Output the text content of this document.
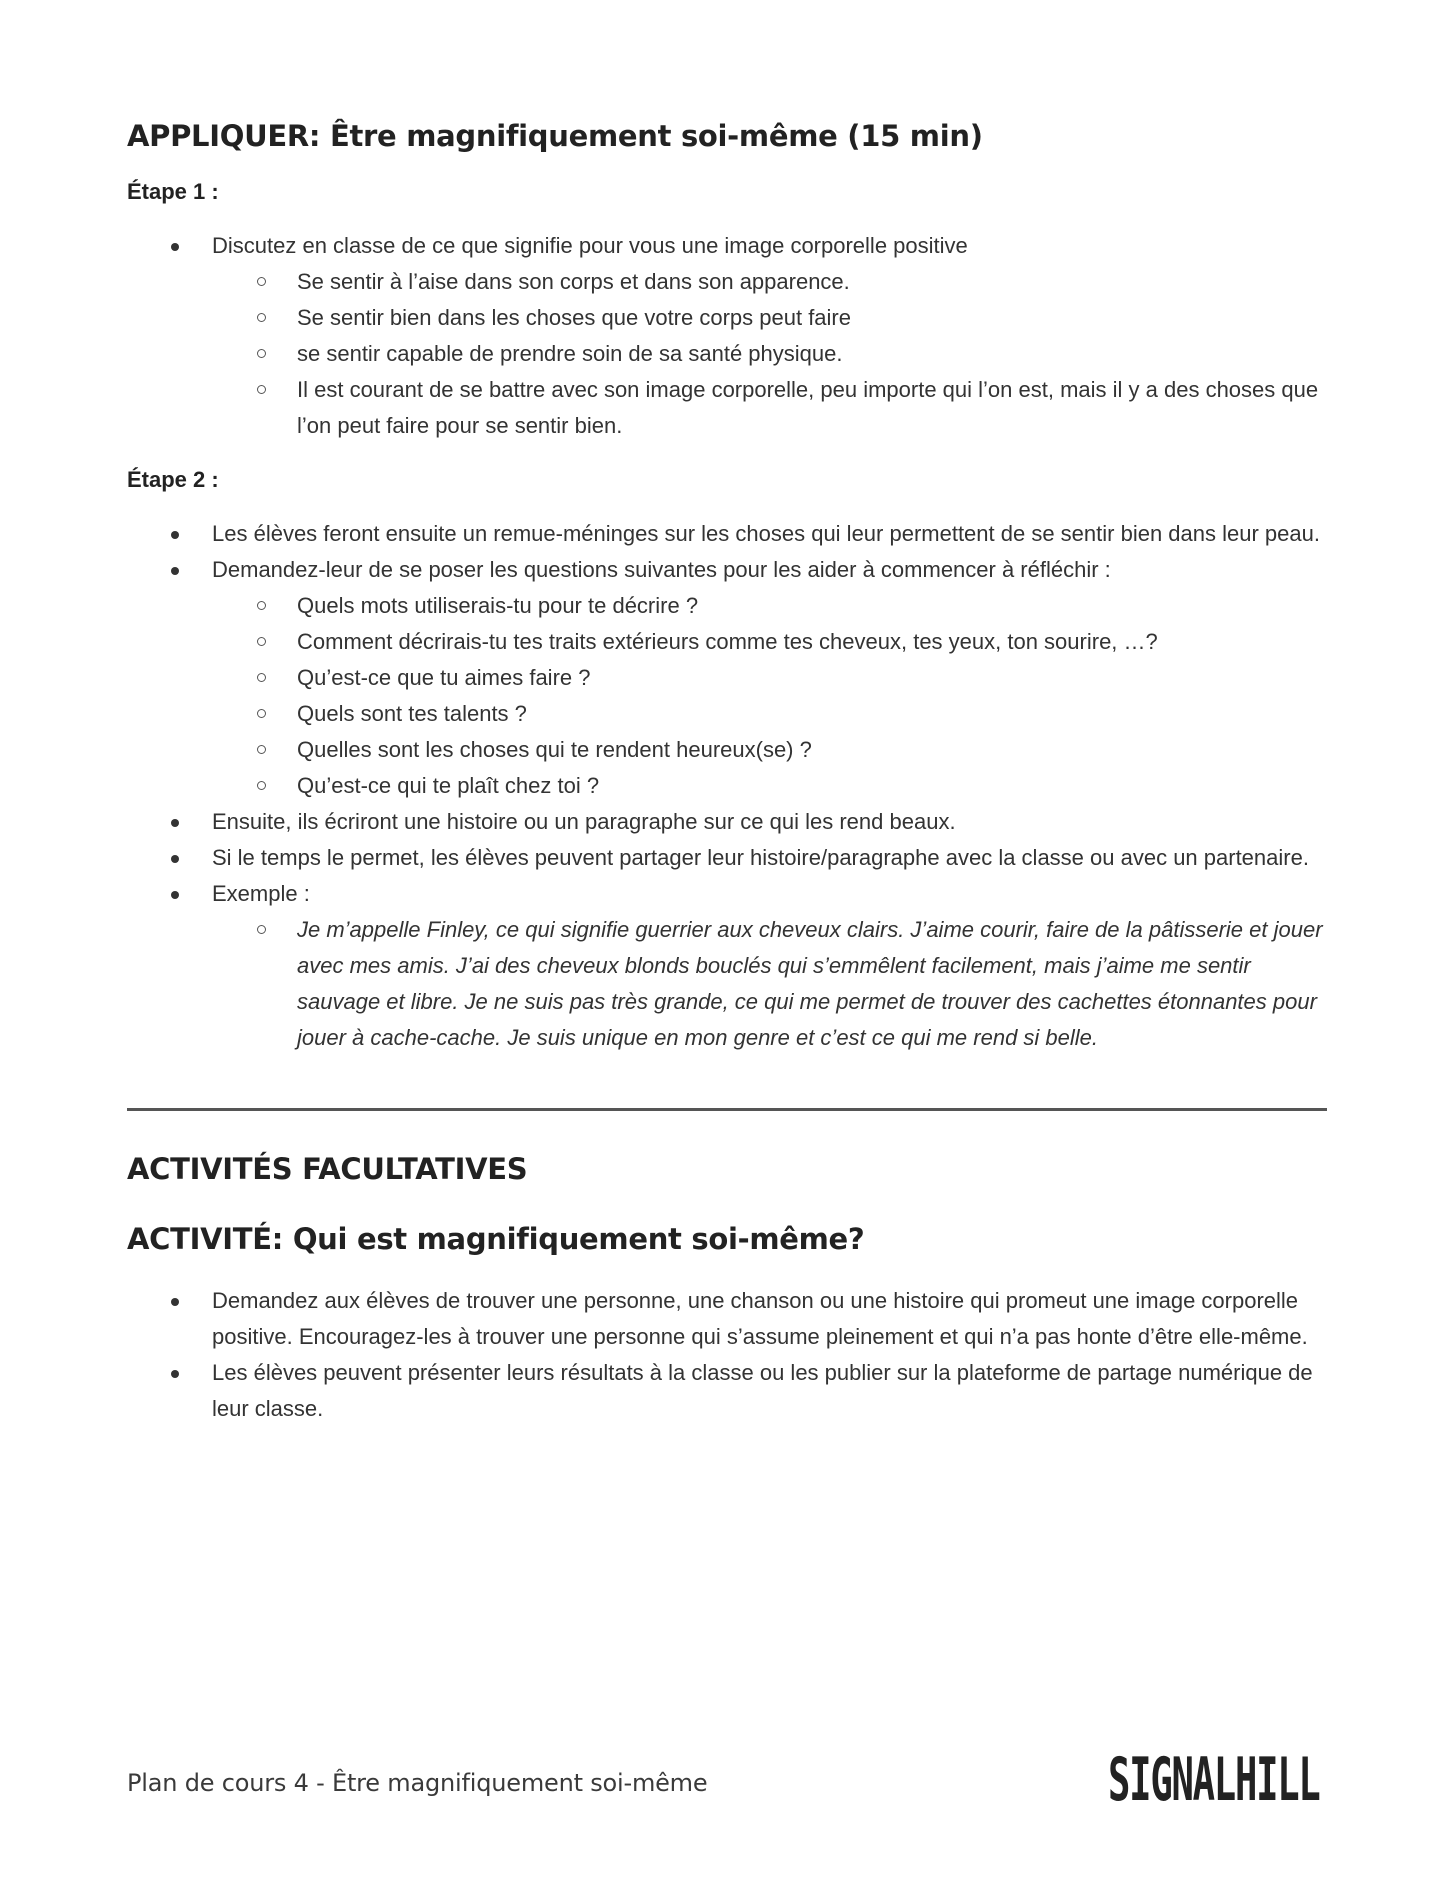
APPLIQUER: Être magnifiquement soi-même (15 min)
Étape 1 :
Discutez en classe de ce que signifie pour vous une image corporelle positive
Se sentir à l’aise dans son corps et dans son apparence.
Se sentir bien dans les choses que votre corps peut faire
se sentir capable de prendre soin de sa santé physique.
Il est courant de se battre avec son image corporelle, peu importe qui l’on est, mais il y a des choses que l’on peut faire pour se sentir bien.
Étape 2 :
Les élèves feront ensuite un remue-méninges sur les choses qui leur permettent de se sentir bien dans leur peau.
Demandez-leur de se poser les questions suivantes pour les aider à commencer à réfléchir :
Quels mots utiliserais-tu pour te décrire ?
Comment décrirais-tu tes traits extérieurs comme tes cheveux, tes yeux, ton sourire, …?
Qu’est-ce que tu aimes faire ?
Quels sont tes talents ?
Quelles sont les choses qui te rendent heureux(se) ?
Qu’est-ce qui te plaît chez toi ?
Ensuite, ils écriront une histoire ou un paragraphe sur ce qui les rend beaux.
Si le temps le permet, les élèves peuvent partager leur histoire/paragraphe avec la classe ou avec un partenaire.
Exemple :
Je m’appelle Finley, ce qui signifie guerrier aux cheveux clairs. J’aime courir, faire de la pâtisserie et jouer avec mes amis. J’ai des cheveux blonds bouclés qui s’emmêlent facilement, mais j’aime me sentir sauvage et libre. Je ne suis pas très grande, ce qui me permet de trouver des cachettes étonnantes pour jouer à cache-cache. Je suis unique en mon genre et c’est ce qui me rend si belle.
ACTIVITÉS FACULTATIVES
ACTIVITÉ: Qui est magnifiquement soi-même?
Demandez aux élèves de trouver une personne, une chanson ou une histoire qui promeut une image corporelle positive. Encouragez-les à trouver une personne qui s’assume pleinement et qui n’a pas honte d’être elle-même.
Les élèves peuvent présenter leurs résultats à la classe ou les publier sur la plateforme de partage numérique de leur classe.
Plan de cours 4 - Être magnifiquement soi-même	SIGNALHILL
